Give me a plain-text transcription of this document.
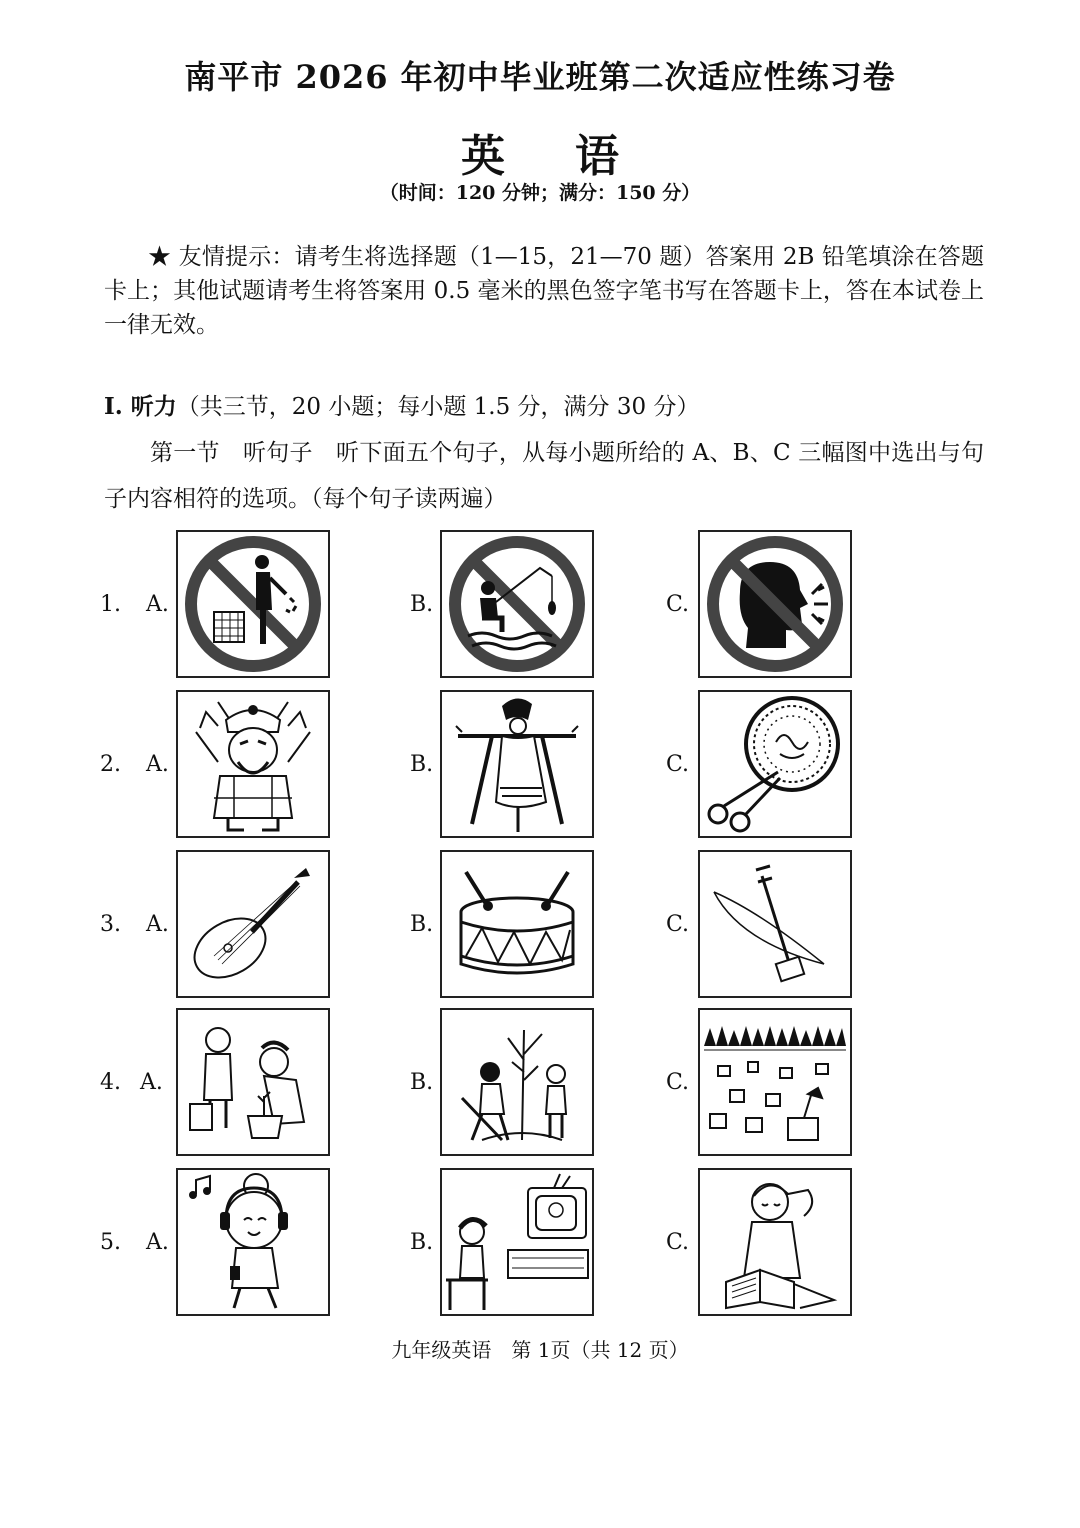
南平市 2026 年初中毕业班第二次适应性练习卷
英语
（时间：120 分钟；满分：150 分）
★ 友情提示：请考生将选择题（1—15，21—70 题）答案用 2B 铅笔填涂在答题卡上；其他试题请考生将答案用 0.5 毫米的黑色签字笔书写在答题卡上，答在本试卷上一律无效。
I. 听力（共三节，20 小题；每小题 1.5 分，满分 30 分）
第一节　听句子　听下面五个句子，从每小题所给的 A、B、C 三幅图中选出与句子内容相符的选项。（每个句子读两遍）
1. A.	B.	C.
2. A.	B.	C.
3. A.	B.	C.
4. A.	B.	C.
5. A.	B.	C.
九年级英语　第 1页（共 12 页）
